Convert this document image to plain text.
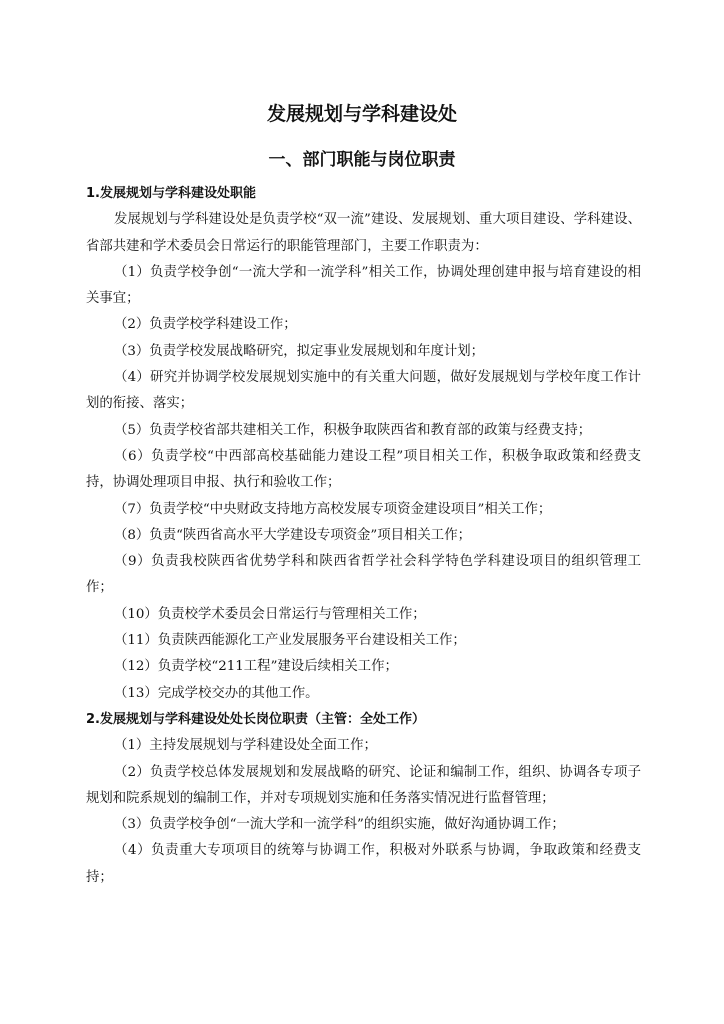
发展规划与学科建设处
一、部门职能与岗位职责

1.发展规划与学科建设处职能

发展规划与学科建设处是负责学校“双一流”建设、发展规划、重大项目建设、学科建设、省部共建和学术委员会日常运行的职能管理部门，主要工作职责为：

（1）负责学校争创“一流大学和一流学科”相关工作，协调处理创建申报与培育建设的相关事宜；

（2）负责学校学科建设工作；

（3）负责学校发展战略研究，拟定事业发展规划和年度计划；

（4）研究并协调学校发展规划实施中的有关重大问题，做好发展规划与学校年度工作计划的衔接、落实；

（5）负责学校省部共建相关工作，积极争取陕西省和教育部的政策与经费支持；

（6）负责学校“中西部高校基础能力建设工程”项目相关工作，积极争取政策和经费支持，协调处理项目申报、执行和验收工作；

（7）负责学校“中央财政支持地方高校发展专项资金建设项目”相关工作；

（8）负责“陕西省高水平大学建设专项资金”项目相关工作；

（9）负责我校陕西省优势学科和陕西省哲学社会科学特色学科建设项目的组织管理工作；

（10）负责校学术委员会日常运行与管理相关工作；

（11）负责陕西能源化工产业发展服务平台建设相关工作；

（12）负责学校“211工程”建设后续相关工作；

（13）完成学校交办的其他工作。

2.发展规划与学科建设处处长岗位职责（主管：全处工作）

（1）主持发展规划与学科建设处全面工作；

（2）负责学校总体发展规划和发展战略的研究、论证和编制工作，组织、协调各专项子规划和院系规划的编制工作，并对专项规划实施和任务落实情况进行监督管理；

（3）负责学校争创“一流大学和一流学科”的组织实施，做好沟通协调工作；

（4）负责重大专项项目的统筹与协调工作，积极对外联系与协调，争取政策和经费支持；
